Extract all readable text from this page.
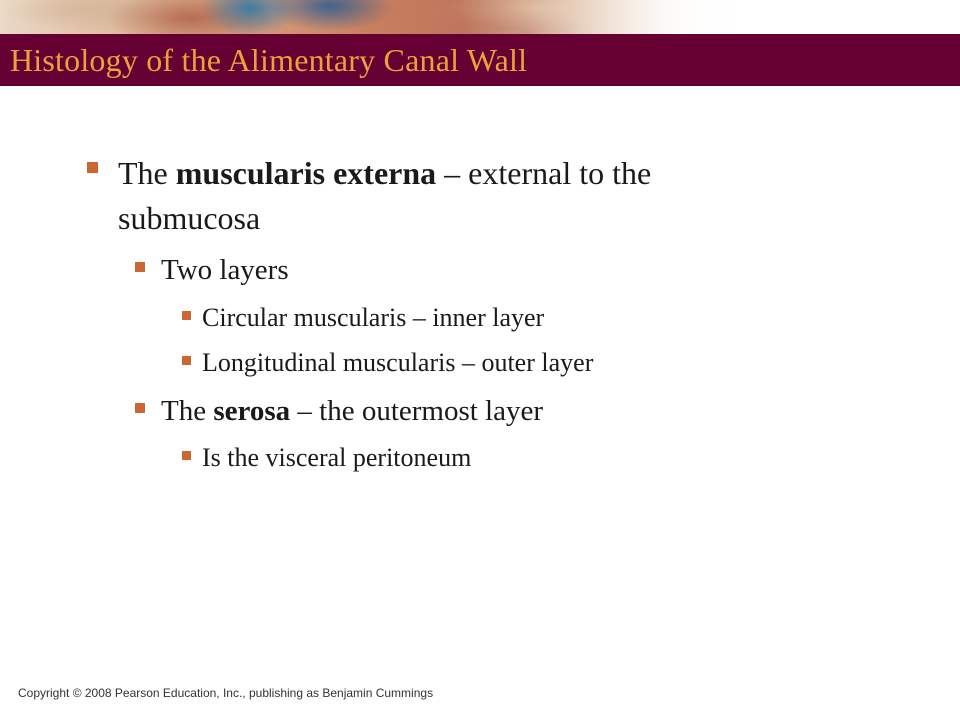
Histology of the Alimentary Canal Wall
The muscularis externa – external to the
submucosa
Two layers
Circular muscularis – inner layer
Longitudinal muscularis – outer layer
The serosa – the outermost layer
Is the visceral peritoneum
Copyright © 2008 Pearson Education, Inc., publishing as Benjamin Cummings
